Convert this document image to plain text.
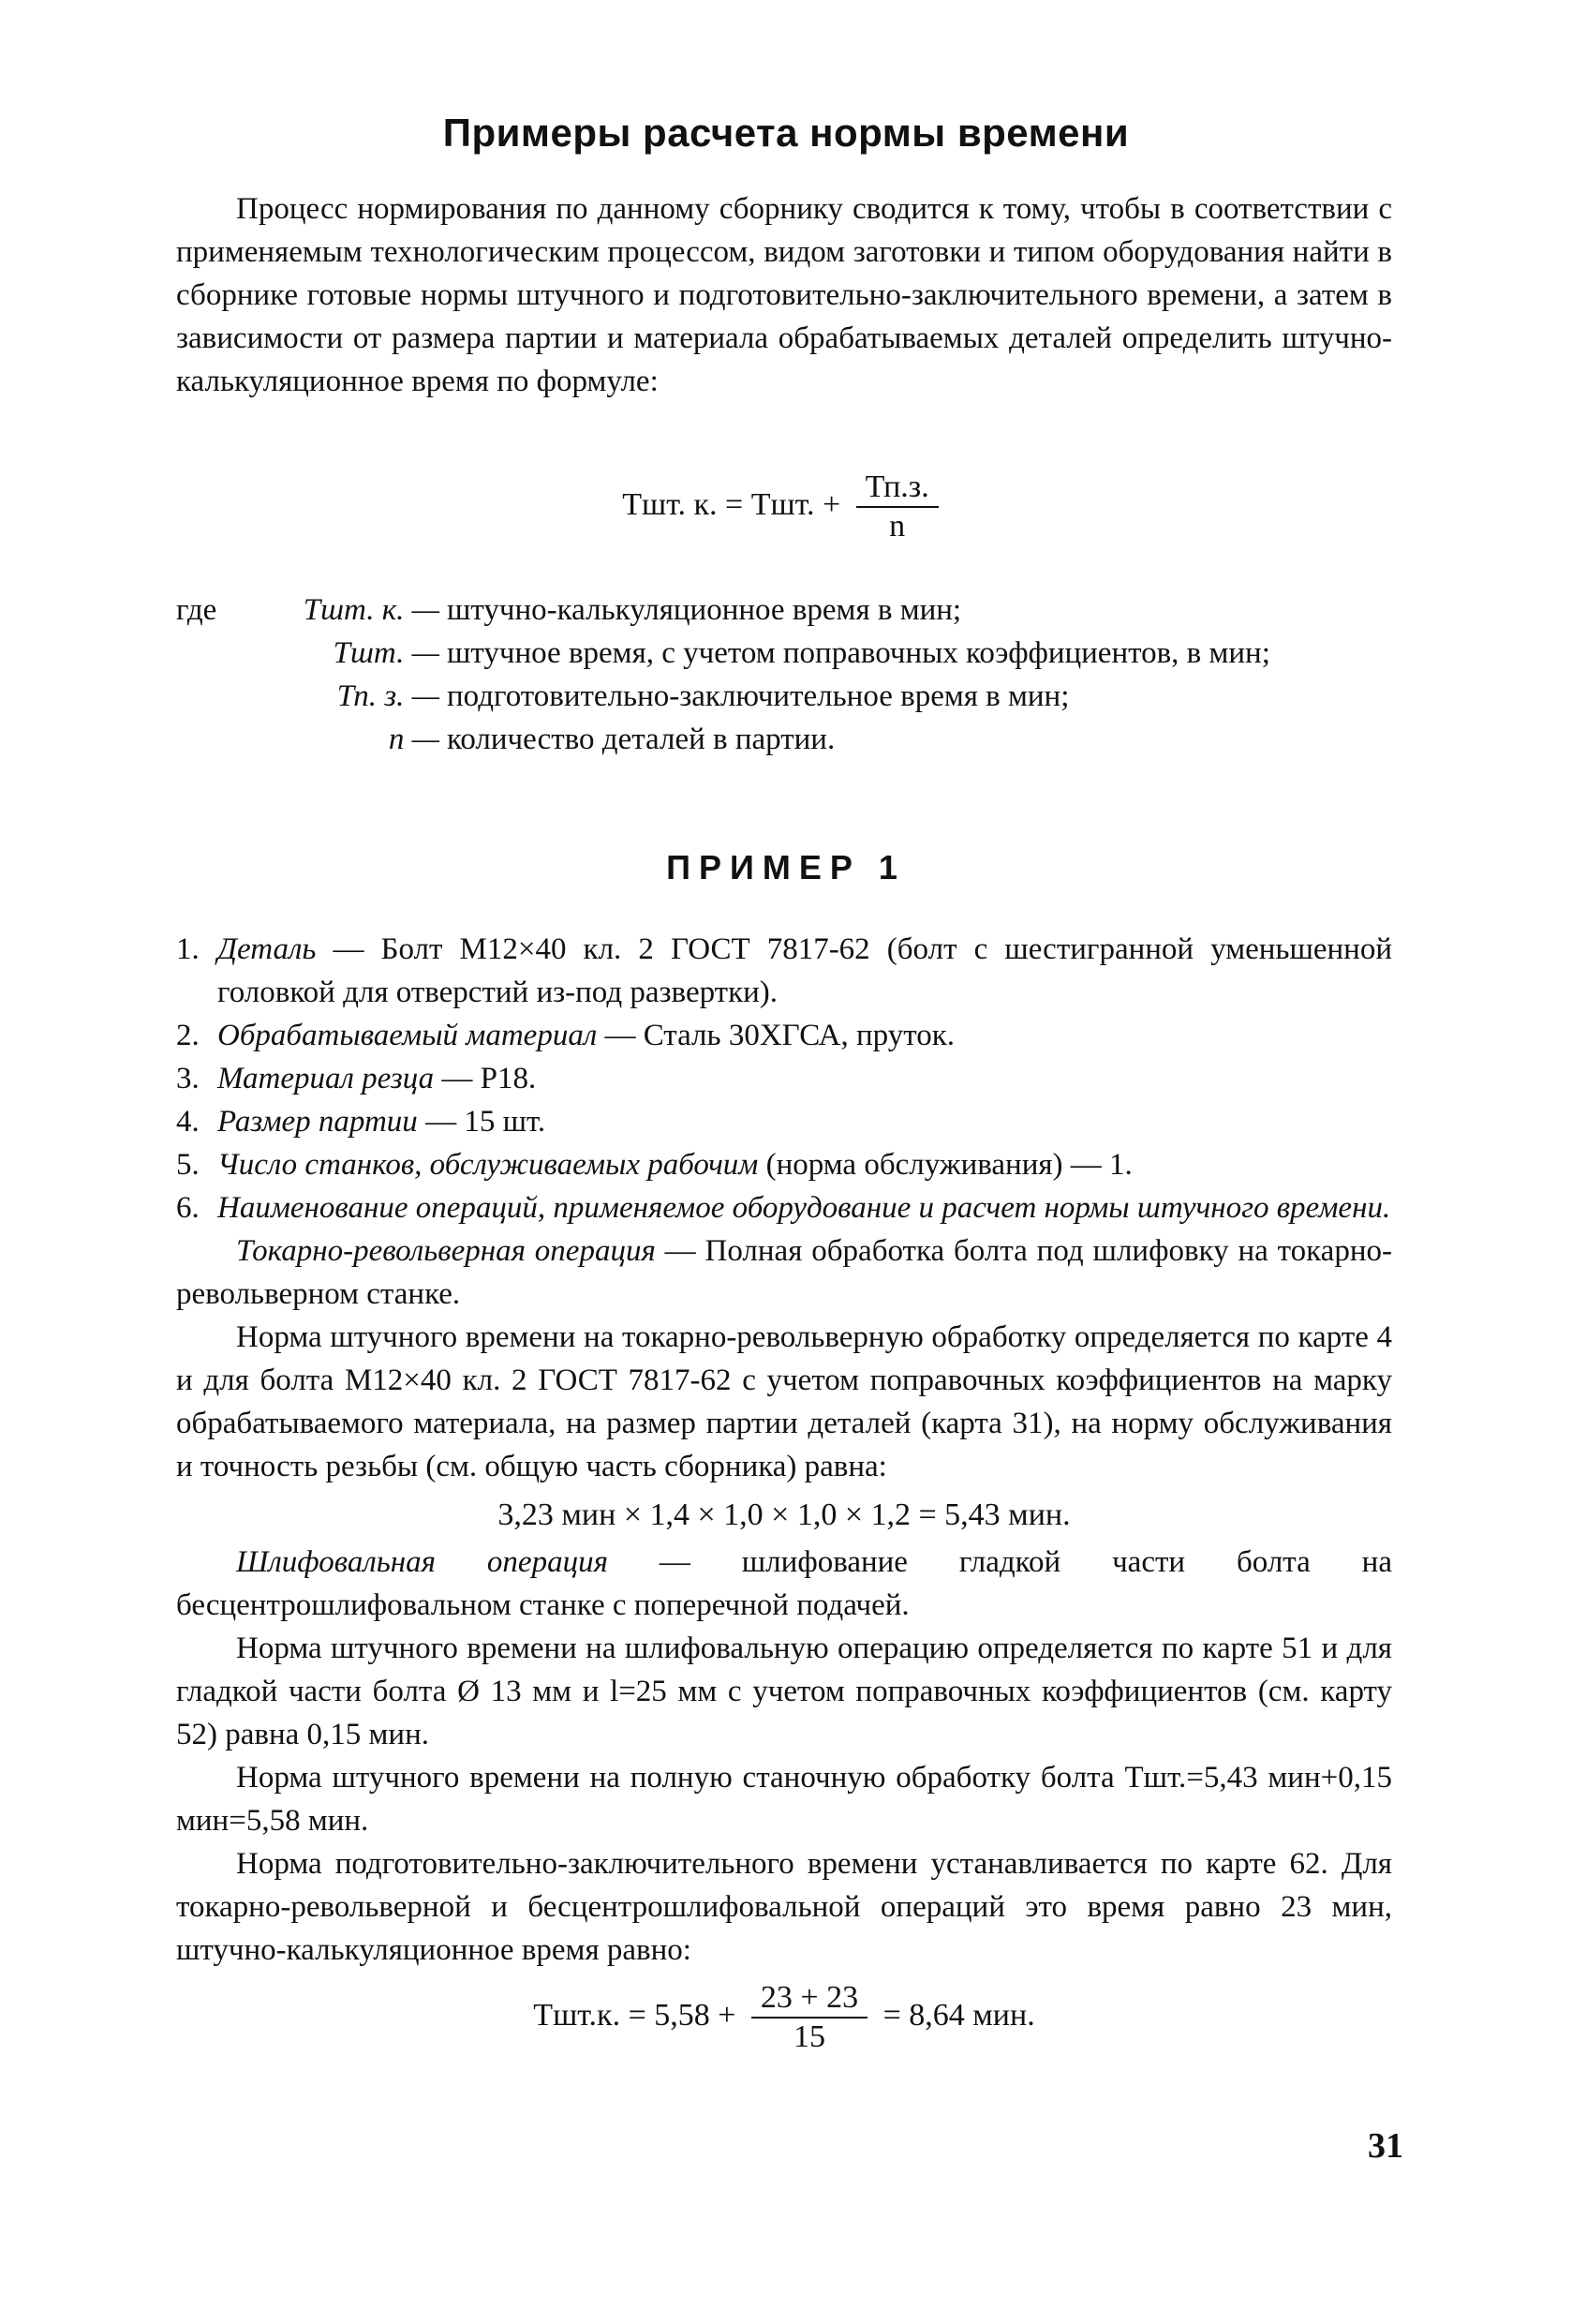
Примеры расчета нормы времени

Процесс нормирования по данному сборнику сводится к тому, чтобы в соответствии с применяемым технологическим процессом, видом заготовки и типом оборудования найти в сборнике готовые нормы штучного и подготовительно-заключительного времени, а затем в зависимости от размера партии и материала обрабатываемых деталей определить штучно-калькуляционное время по формуле:

Тшт. к. = Тшт. + $\frac{Тп.з.}{n}$
где	Тшт. к. — штучно-калькуляционное время в мин;
Тшт. — штучное время, с учетом поправочных коэффициентов, в мин;
Тп. з. — подготовительно-заключительное время в мин;
n — количество деталей в партии.
ПРИМЕР 1
1. Деталь — Болт М12×40 кл. 2 ГОСТ 7817-62 (болт с шестигранной уменьшенной головкой для отверстий из-под развертки).
2. Обрабатываемый материал — Сталь 30ХГСА, пруток.
3. Материал резца — Р18.
4. Размер партии — 15 шт.
5. Число станков, обслуживаемых рабочим (норма обслуживания) — 1.
6. Наименование операций, применяемое оборудование и расчет нормы штучного времени.

Токарно-револьверная операция — Полная обработка болта под шлифовку на токарно-револьверном станке.

Норма штучного времени на токарно-револьверную обработку определяется по карте 4 и для болта М12×40 кл. 2 ГОСТ 7817-62 с учетом поправочных коэффициентов на марку обрабатываемого материала, на размер партии деталей (карта 31), на норму обслуживания и точность резьбы (см. общую часть сборника) равна:

3,23 мин × 1,4 × 1,0 × 1,0 × 1,2 = 5,43 мин.

Шлифовальная операция — шлифование гладкой части болта на бесцентрошлифовальном станке с поперечной подачей.

Норма штучного времени на шлифовальную операцию определяется по карте 51 и для гладкой части болта Ø 13 мм и l=25 мм с учетом поправочных коэффициентов (см. карту 52) равна 0,15 мин.

Норма штучного времени на полную станочную обработку болта Тшт.=5,43 мин+0,15 мин=5,58 мин.

Норма подготовительно-заключительного времени устанавливается по карте 62. Для токарно-револьверной и бесцентрошлифовальной операций это время равно 23 мин, штучно-калькуляционное время равно:

Тшт.к. = $5,58 + \frac{23 + 23}{15} = 8,64$ мин.

31
